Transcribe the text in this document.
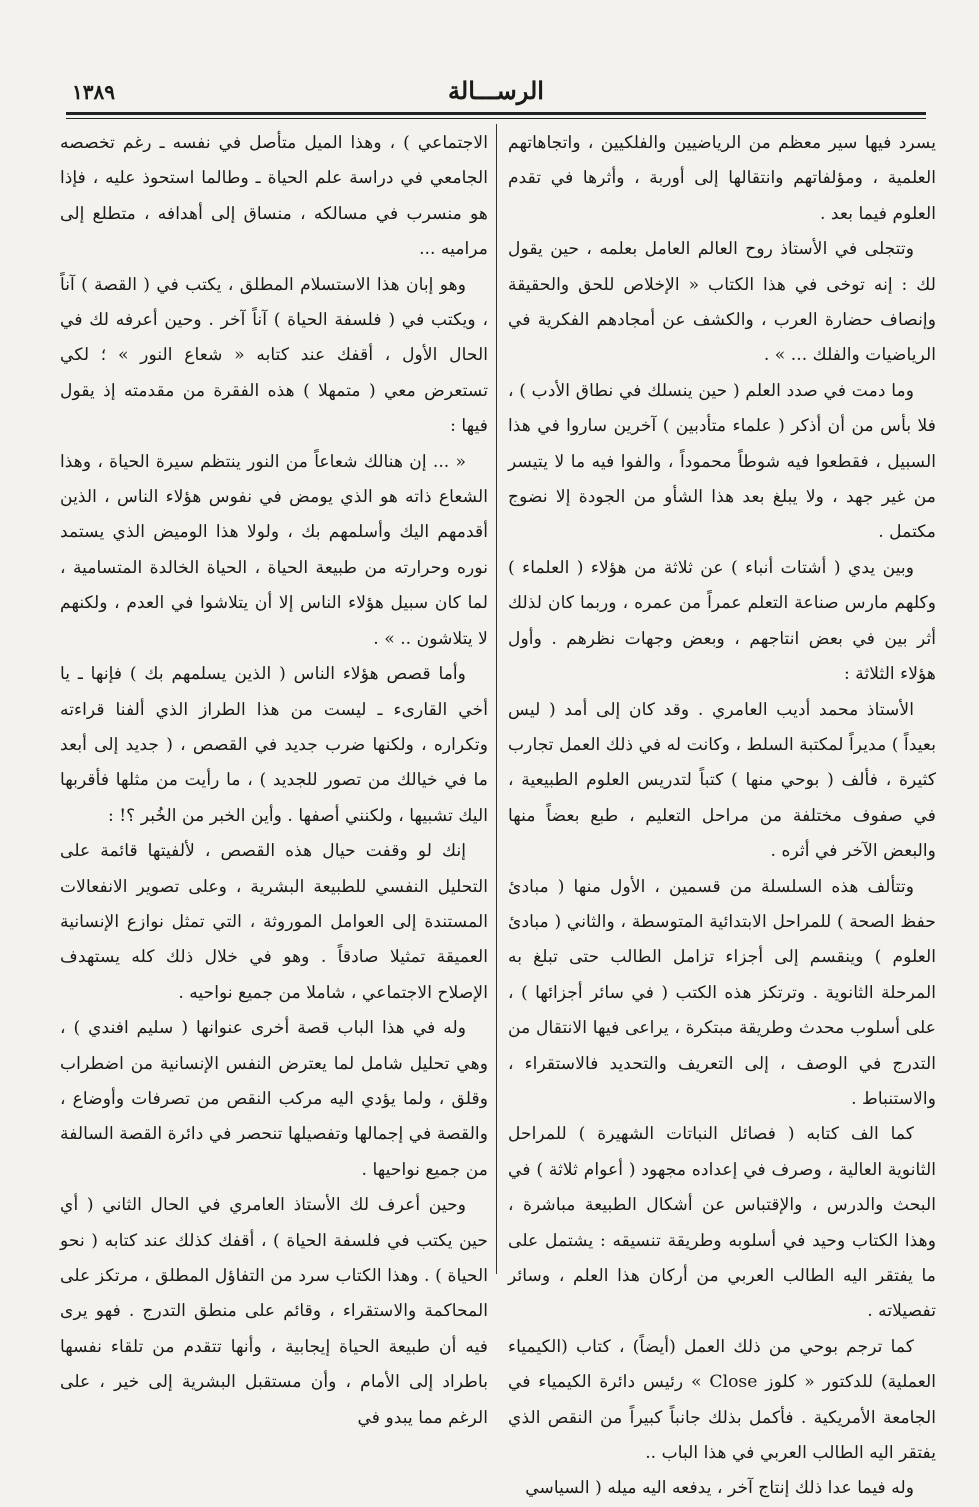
الرســـالة
١٣٨٩

يسرد فيها سير معظم من الرياضيين والفلكيين ، واتجاهاتهم العلمية ، ومؤلفاتهم وانتقالها إلى أوربة ، وأثرها في تقدم العلوم فيما بعد .

وتتجلى في الأستاذ روح العالم العامل بعلمه ، حين يقول لك : إنه توخى في هذا الكتاب « الإخلاص للحق والحقيقة وإنصاف حضارة العرب ، والكشف عن أمجادهم الفكرية في الرياضيات والفلك ... » .

وما دمت في صدد العلم ( حين ينسلك في نطاق الأدب ) ، فلا بأس من أن أذكر ( علماء متأدبين ) آخرين ساروا في هذا السبيل ، فقطعوا فيه شوطاً محموداً ، والفوا فيه ما لا يتيسر من غير جهد ، ولا يبلغ بعد هذا الشأو من الجودة إلا نضوج مكتمل .

وبين يدي ( أشتات أنباء ) عن ثلاثة من هؤلاء ( العلماء ) وكلهم مارس صناعة التعلم عمراً من عمره ، وربما كان لذلك أثر بين في بعض انتاجهم ، وبعض وجهات نظرهم . وأول هؤلاء الثلاثة :

الأستاذ محمد أديب العامري . وقد كان إلى أمد ( ليس بعيداً ) مديراً لمكتبة السلط ، وكانت له في ذلك العمل تجارب كثيرة ، فألف ( بوحي منها ) كتباً لتدريس العلوم الطبيعية ، في صفوف مختلفة من مراحل التعليم ، طبع بعضاً منها والبعض الآخر في أثره .

وتتألف هذه السلسلة من قسمين ، الأول منها ( مبادئ حفظ الصحة ) للمراحل الابتدائية المتوسطة ، والثاني ( مبادئ العلوم ) وينقسم إلى أجزاء تزامل الطالب حتى تبلغ به المرحلة الثانوية . وترتكز هذه الكتب ( في سائر أجزائها ) ، على أسلوب محدث وطريقة مبتكرة ، يراعى فيها الانتقال من التدرج في الوصف ، إلى التعريف والتحديد فالاستقراء ، والاستنباط .

كما الف كتابه ( فصائل النباتات الشهيرة ) للمراحل الثانوية العالية ، وصرف في إعداده مجهود ( أعوام ثلاثة ) في البحث والدرس ، والإقتباس عن أشكال الطبيعة مباشرة ، وهذا الكتاب وحيد في أسلوبه وطريقة تنسيقه : يشتمل على ما يفتقر اليه الطالب العربي من أركان هذا العلم ، وسائر تفصيلاته .

كما ترجم بوحي من ذلك العمل (أيضاً) ، كتاب (الكيمياء العملية) للدكتور « كلوز Close » رئيس دائرة الكيمياء في الجامعة الأمريكية . فأكمل بذلك جانباً كبيراً من النقص الذي يفتقر اليه الطالب العربي في هذا الباب ..

وله فيما عدا ذلك إنتاج آخر ، يدفعه اليه ميله ( السياسي

الاجتماعي ) ، وهذا الميل متأصل في نفسه ـ رغم تخصصه الجامعي في دراسة علم الحياة ـ وطالما استحوذ عليه ، فإذا هو منسرب في مسالكه ، منساق إلى أهدافه ، متطلع إلى مراميه ...

وهو إبان هذا الاستسلام المطلق ، يكتب في ( القصة ) آناً ، ويكتب في ( فلسفة الحياة ) آناً آخر . وحين أعرفه لك في الحال الأول ، أقفك عند كتابه « شعاع النور » ؛ لكي تستعرض معي ( متمهلا ) هذه الفقرة من مقدمته إذ يقول فيها :

« ... إن هنالك شعاعاً من النور ينتظم سيرة الحياة ، وهذا الشعاع ذاته هو الذي يومض في نفوس هؤلاء الناس ، الذين أقدمهم اليك وأسلمهم بك ، ولولا هذا الوميض الذي يستمد نوره وحرارته من طبيعة الحياة ، الحياة الخالدة المتسامية ، لما كان سبيل هؤلاء الناس إلا أن يتلاشوا في العدم ، ولكنهم لا يتلاشون .. » .

وأما قصص هؤلاء الناس ( الذين يسلمهم بك ) فإنها ـ يا أخي القارىء ـ ليست من هذا الطراز الذي ألفنا قراءته وتكراره ، ولكنها ضرب جديد في القصص ، ( جديد إلى أبعد ما في خيالك من تصور للجديد ) ، ما رأيت من مثلها فأقربها اليك تشبيها ، ولكنني أصفها . وأين الخبر من الخُبر ؟! :

إنك لو وقفت حيال هذه القصص ، لألفيتها قائمة على التحليل النفسي للطبيعة البشرية ، وعلى تصوير الانفعالات المستندة إلى العوامل الموروثة ، التي تمثل نوازع الإنسانية العميقة تمثيلا صادقاً . وهو في خلال ذلك كله يستهدف الإصلاح الاجتماعي ، شاملا من جميع نواحيه .

وله في هذا الباب قصة أخرى عنوانها ( سليم افندي ) ، وهي تحليل شامل لما يعترض النفس الإنسانية من اضطراب وقلق ، ولما يؤدي اليه مركب النقص من تصرفات وأوضاع ، والقصة في إجمالها وتفصيلها تنحصر في دائرة القصة السالفة من جميع نواحيها .

وحين أعرف لك الأستاذ العامري في الحال الثاني ( أي حين يكتب في فلسفة الحياة ) ، أقفك كذلك عند كتابه ( نحو الحياة ) . وهذا الكتاب سرد من التفاؤل المطلق ، مرتكز على المحاكمة والاستقراء ، وقائم على منطق التدرج . فهو يرى فيه أن طبيعة الحياة إيجابية ، وأنها تتقدم من تلقاء نفسها باطراد إلى الأمام ، وأن مستقبل البشرية إلى خير ، على الرغم مما يبدو في
